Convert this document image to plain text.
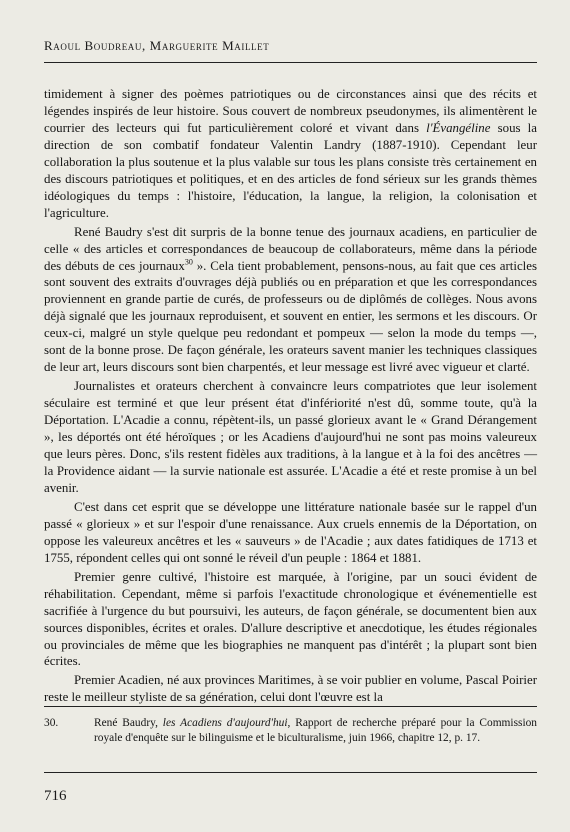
Raoul Boudreau, Marguerite Maillet

timidement à signer des poèmes patriotiques ou de circonstances ainsi que des récits et légendes inspirés de leur histoire. Sous couvert de nombreux pseudonymes, ils alimentèrent le courrier des lecteurs qui fut particulièrement coloré et vivant dans l'Évangéline sous la direction de son combatif fondateur Valentin Landry (1887-1910). Cependant leur collaboration la plus soutenue et la plus valable sur tous les plans consiste très certainement en des discours patriotiques et politiques, et en des articles de fond sérieux sur les grands thèmes idéologiques du temps : l'histoire, l'éducation, la langue, la religion, la colonisation et l'agriculture.

René Baudry s'est dit surpris de la bonne tenue des journaux acadiens, en particulier de celle « des articles et correspondances de beaucoup de collaborateurs, même dans la période des débuts de ces journaux$^{30}$ ». Cela tient probablement, pensons-nous, au fait que ces articles sont souvent des extraits d'ouvrages déjà publiés ou en préparation et que les correspondances proviennent en grande partie de curés, de professeurs ou de diplômés de collèges. Nous avons déjà signalé que les journaux reproduisent, et souvent en entier, les sermons et les discours. Or ceux-ci, malgré un style quelque peu redondant et pompeux — selon la mode du temps —, sont de la bonne prose. De façon générale, les orateurs savent manier les techniques classiques de leur art, leurs discours sont bien charpentés, et leur message est livré avec vigueur et clarté.

Journalistes et orateurs cherchent à convaincre leurs compatriotes que leur isolement séculaire est terminé et que leur présent état d'infériorité n'est dû, somme toute, qu'à la Déportation. L'Acadie a connu, répètent-ils, un passé glorieux avant le « Grand Dérangement », les déportés ont été héroïques ; or les Acadiens d'aujourd'hui ne sont pas moins valeureux que leurs pères. Donc, s'ils restent fidèles aux traditions, à la langue et à la foi des ancêtres — la Providence aidant — la survie nationale est assurée. L'Acadie a été et reste promise à un bel avenir.

C'est dans cet esprit que se développe une littérature nationale basée sur le rappel d'un passé « glorieux » et sur l'espoir d'une renaissance. Aux cruels ennemis de la Déportation, on oppose les valeureux ancêtres et les « sauveurs » de l'Acadie ; aux dates fatidiques de 1713 et 1755, répondent celles qui ont sonné le réveil d'un peuple : 1864 et 1881.

Premier genre cultivé, l'histoire est marquée, à l'origine, par un souci évident de réhabilitation. Cependant, même si parfois l'exactitude chronologique et événementielle est sacrifiée à l'urgence du but poursuivi, les auteurs, de façon générale, se documentent bien aux sources disponibles, écrites et orales. D'allure descriptive et anecdotique, les études régionales ou provinciales de même que les biographies ne manquent pas d'intérêt ; la plupart sont bien écrites.

Premier Acadien, né aux provinces Maritimes, à se voir publier en volume, Pascal Poirier reste le meilleur styliste de sa génération, celui dont l'œuvre est la

30.	René Baudry, les Acadiens d'aujourd'hui, Rapport de recherche préparé pour la Commission royale d'enquête sur le bilinguisme et le biculturalisme, juin 1966, chapitre 12, p. 17.
716
